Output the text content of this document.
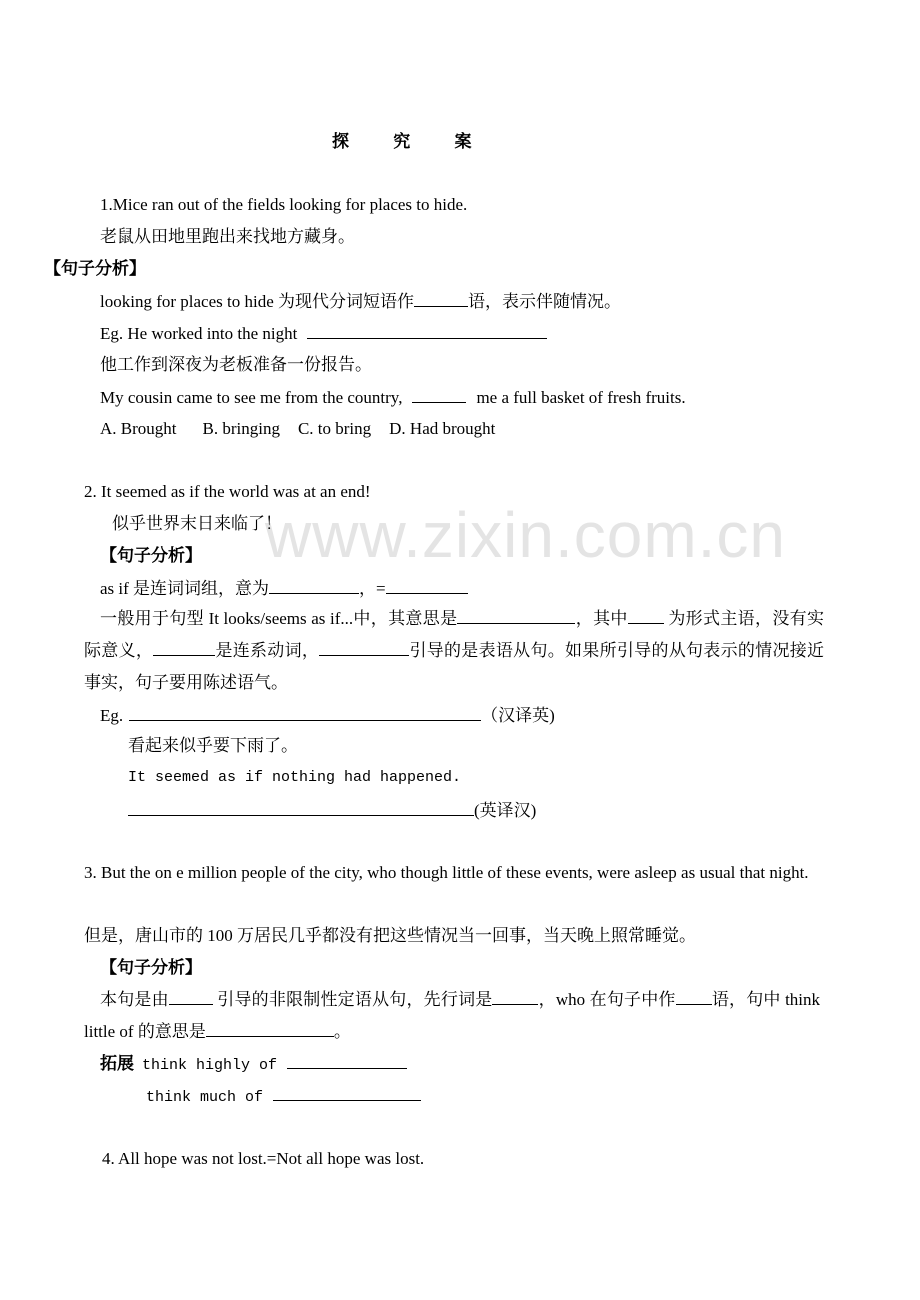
www.zixin.com.cn
探 究 案
1.Mice ran out of the fields looking for places to hide.
老鼠从田地里跑出来找地方藏身。
【句子分析】
looking for places to hide 为现代分词短语作	语，表示伴随情况。
Eg. He worked into the night
他工作到深夜为老板准备一份报告。
My cousin came to see me from the country,	me a full basket of fresh fruits.
A. Brought B. bringing C. to bring D. Had brought
2. It seemed as if the world was at an end!
似乎世界末日来临了！
【句子分析】
as if 是连词词组，意为	，=
一般用于句型 It looks/seems as if...中，其意思是	，其中 为形式主语，没有实际意义，	是连系动词，	引导的是表语从句。如果所引导的从句表示的情况接近事实，句子要用陈述语气。
Eg.	（汉译英)
看起来似乎要下雨了。
It seemed as if nothing had happened.
(英译汉)
3. But the on e million people of the city, who though little of these events, were asleep as usual that night.
但是，唐山市的 100 万居民几乎都没有把这些情况当一回事，当天晚上照常睡觉。
【句子分析】
本句是由	引导的非限制性定语从句，先行词是	，who 在句子中作 语，句中 think little of 的意思是	。
拓展 think highly of
think much of
4. All hope was not lost.=Not all hope was lost.
